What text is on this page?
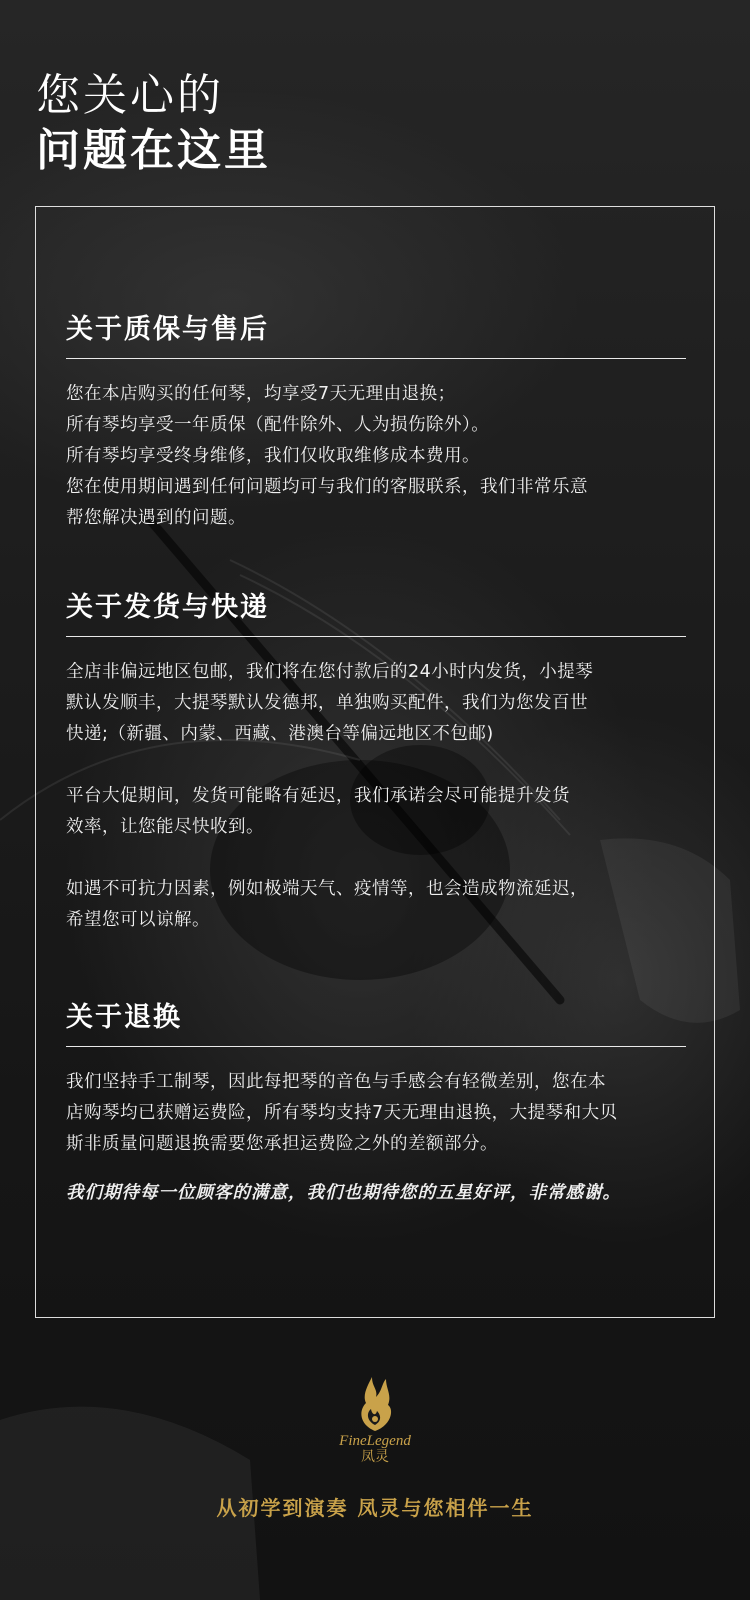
您关心的
问题在这里
关于质保与售后

您在本店购买的任何琴，均享受7天无理由退换；

所有琴均享受一年质保（配件除外、人为损伤除外）。

所有琴均享受终身维修，我们仅收取维修成本费用。

您在使用期间遇到任何问题均可与我们的客服联系，我们非常乐意

帮您解决遇到的问题。

关于发货与快递

全店非偏远地区包邮，我们将在您付款后的24小时内发货，小提琴

默认发顺丰，大提琴默认发德邦，单独购买配件，我们为您发百世

快递;（新疆、内蒙、西藏、港澳台等偏远地区不包邮)

平台大促期间，发货可能略有延迟，我们承诺会尽可能提升发货

效率，让您能尽快收到。

如遇不可抗力因素，例如极端天气、疫情等，也会造成物流延迟，

希望您可以谅解。

关于退换

我们坚持手工制琴，因此每把琴的音色与手感会有轻微差别，您在本

店购琴均已获赠运费险，所有琴均支持7天无理由退换，大提琴和大贝

斯非质量问题退换需要您承担运费险之外的差额部分。

我们期待每一位顾客的满意，我们也期待您的五星好评，非常感谢。

FineLegend
凤灵
从初学到演奏 凤灵与您相伴一生
